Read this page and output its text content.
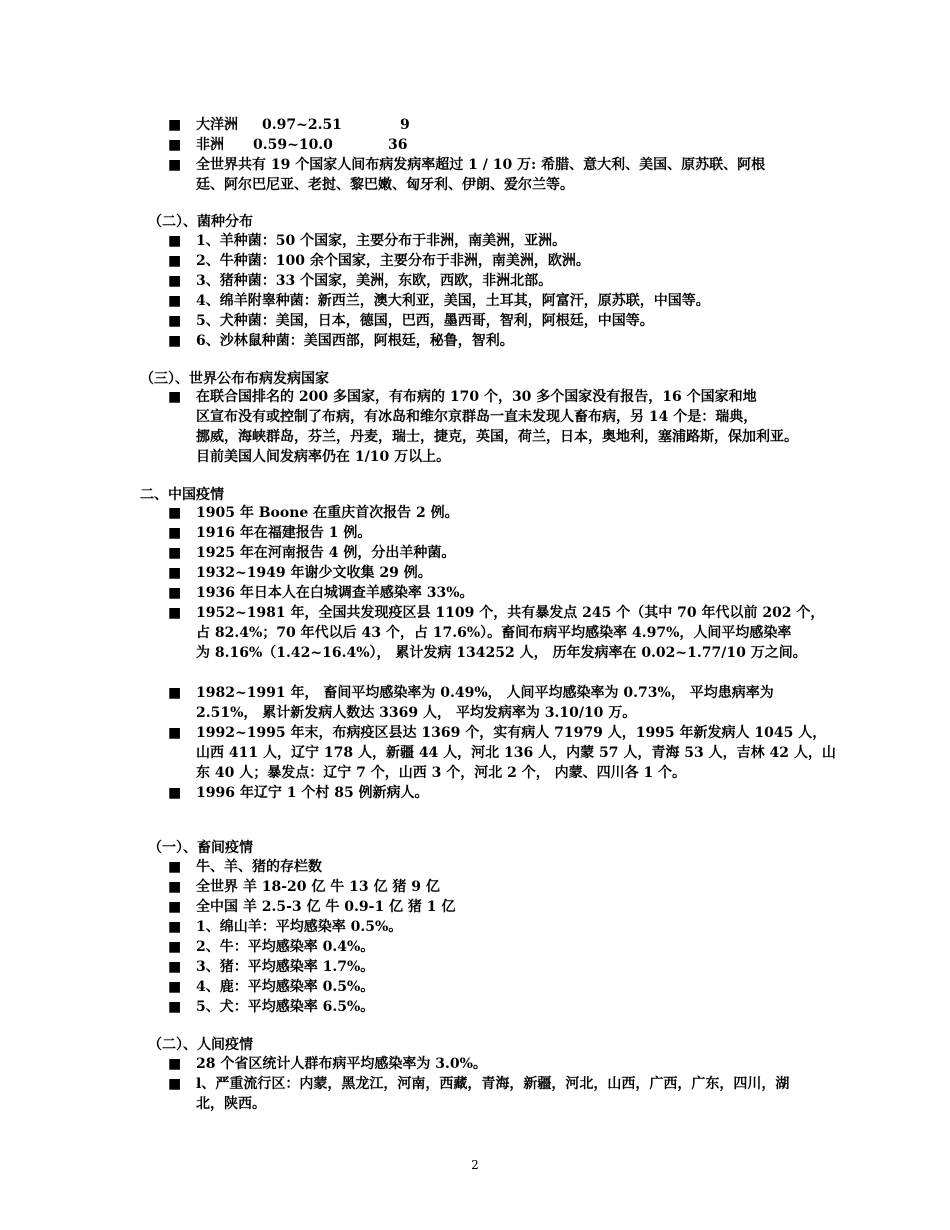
■ 大洋洲 0.97~2.51	9
■ 非洲 0.59~10.0	36
■ 全世界共有 19 个国家人间布病发病率超过 1 / 10 万: 希腊、意大利、美国、原苏联、阿根
廷、阿尔巴尼亚、老挝、黎巴嫩、匈牙利、伊朗、爱尔兰等。
（二）、菌种分布
（三）、世界公布布病发病国家
■
二、中国疫情
（一）、畜间疫情
（二）、人间疫情
2
■ 1、羊种菌：50 个国家，主要分布于非洲，南美洲，亚洲。
■ 2、牛种菌：100 余个国家，主要分布于非洲，南美洲，欧洲。
■ 3、猪种菌：33 个国家，美洲，东欧，西欧，非洲北部。
■ 4、绵羊附睾种菌：新西兰，澳大利亚，美国，土耳其，阿富汗，原苏联，中国等。
■ 5、犬种菌：美国，日本，德国，巴西，墨西哥，智利，阿根廷，中国等。
■ 6、沙林鼠种菌：美国西部，阿根廷，秘鲁，智利。
在联合国排名的 200 多国家，有布病的 170 个，30 多个国家没有报告，16 个国家和地
区宣布没有或控制了布病，有冰岛和维尔京群岛一直未发现人畜布病，另 14 个是：瑞典，
挪威，海峡群岛，芬兰，丹麦，瑞士，捷克，英国，荷兰，日本，奥地利，塞浦路斯，保加利亚。
目前美国人间发病率仍在 1/10 万以上。
■ 1905 年 Boone 在重庆首次报告 2 例。
■ 1916 年在福建报告 1 例。
■ 1925 年在河南报告 4 例，分出羊种菌。
■ 1932~1949 年谢少文收集 29 例。
■ 1936 年日本人在白城调查羊感染率 33%。
■ 1952~1981 年，全国共发现疫区县 1109 个，共有暴发点 245 个（其中 70 年代以前 202 个，
占 82.4%；70 年代以后 43 个，占 17.6%）。畜间布病平均感染率 4.97%，人间平均感染率
为 8.16%（1.42~16.4%）， 累计发病 134252 人， 历年发病率在 0.02~1.77/10 万之间。
■ 1982~1991 年， 畜间平均感染率为 0.49%， 人间平均感染率为 0.73%， 平均患病率为
2.51%， 累计新发病人数达 3369 人， 平均发病率为 3.10/10 万。
■ 1992~1995 年末，布病疫区县达 1369 个，实有病人 71979 人，1995 年新发病人 1045 人，
山西 411 人，辽宁 178 人，新疆 44 人，河北 136 人，内蒙 57 人，青海 53 人，吉林 42 人，山
东 40 人；暴发点：辽宁 7 个，山西 3 个，河北 2 个， 内蒙、四川各 1 个。
■ 1996 年辽宁 1 个村 85 例新病人。
■ 牛、羊、猪的存栏数
■ 全世界 羊 18-20 亿 牛 13 亿 猪 9 亿
■ 全中国 羊 2.5-3 亿 牛 0.9-1 亿 猪 1 亿
■ 1、绵山羊：平均感染率 0.5%。
■ 2、牛：平均感染率 0.4%。
■ 3、猪：平均感染率 1.7%。
■ 4、鹿：平均感染率 0.5%。
■ 5、犬：平均感染率 6.5%。
■ 28 个省区统计人群布病平均感染率为 3.0%。
■ l、严重流行区：内蒙，黑龙江，河南，西藏，青海，新疆，河北，山西，广西，广东，四川，湖
北，陕西。
